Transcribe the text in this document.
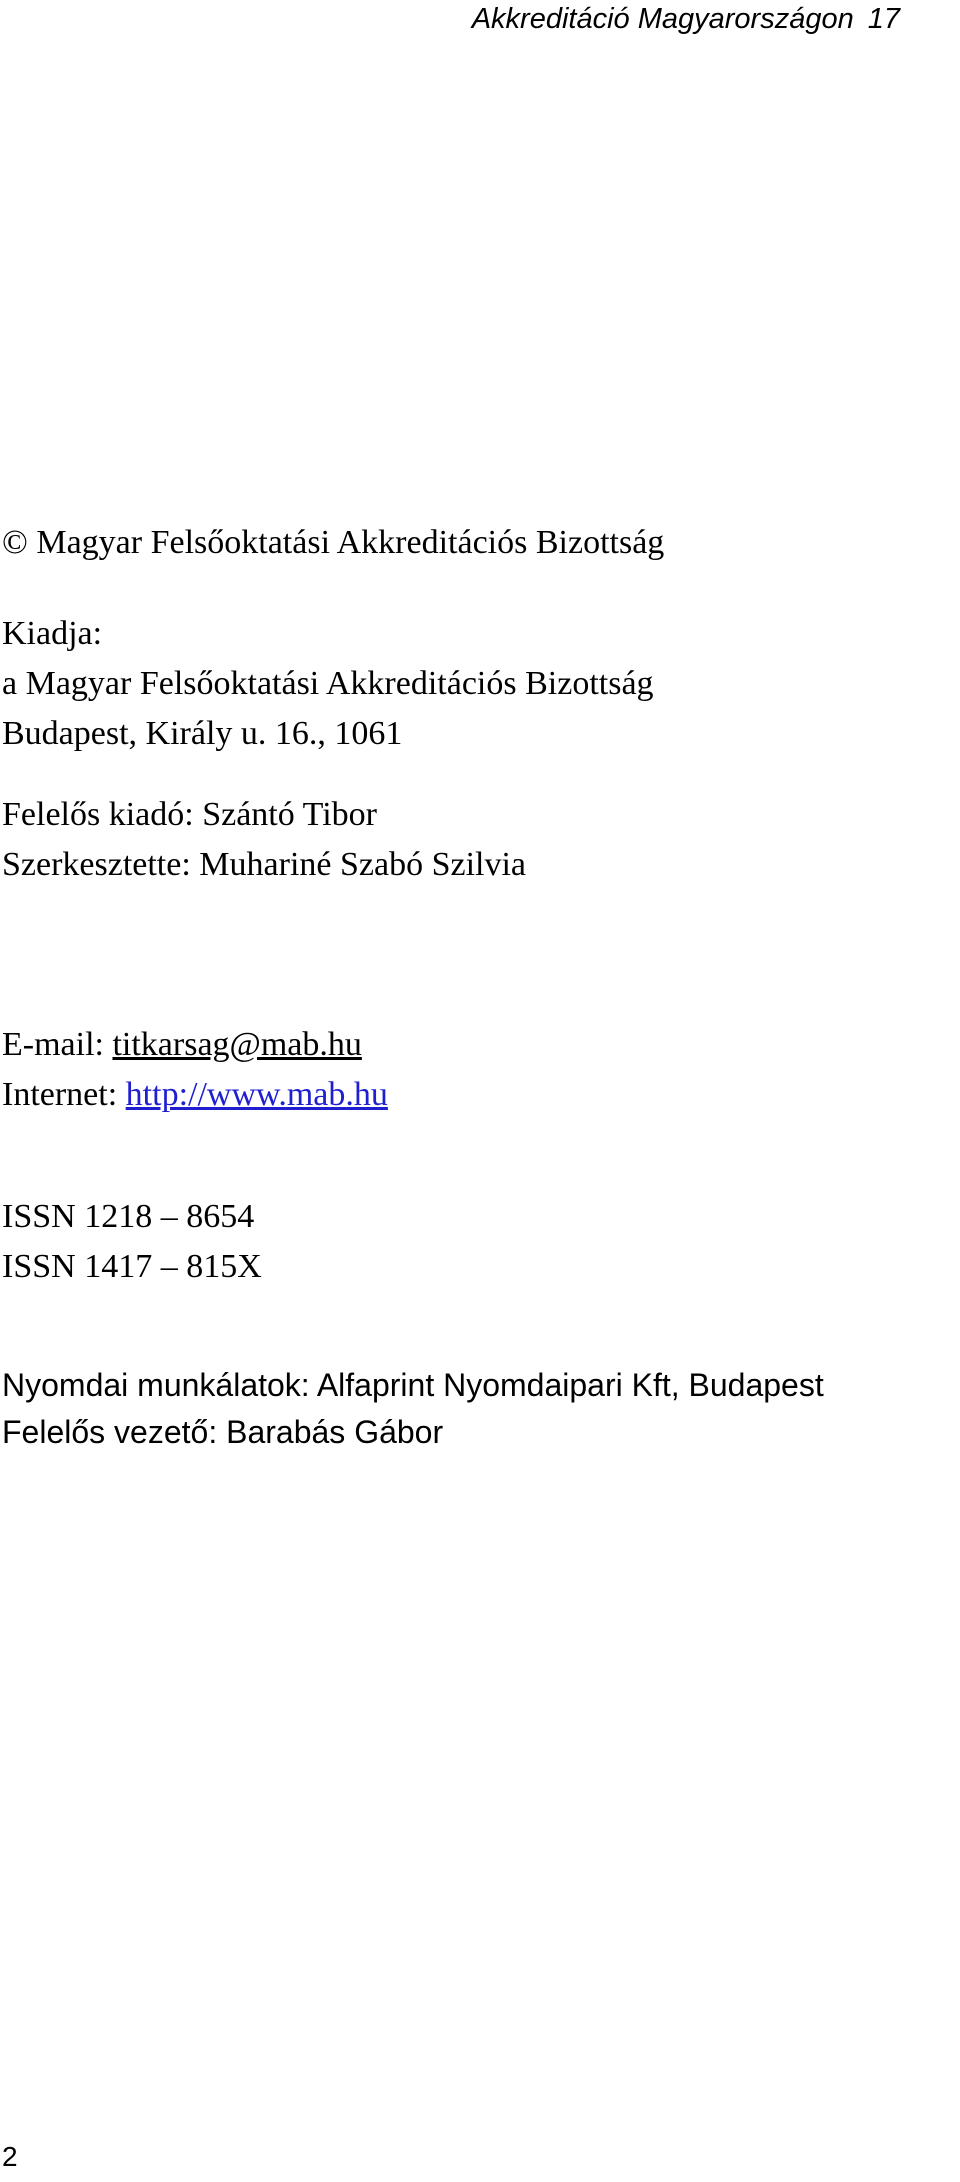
Akkreditáció Magyarországon 17
© Magyar Felsőoktatási Akkreditációs Bizottság
Kiadja:
a Magyar Felsőoktatási Akkreditációs Bizottság
Budapest, Király u. 16., 1061
Felelős kiadó: Szántó Tibor
Szerkesztette: Muhariné Szabó Szilvia
E-mail: titkarsag@mab.hu
Internet: http://www.mab.hu
ISSN 1218 – 8654
ISSN 1417 – 815X
Nyomdai munkálatok: Alfaprint Nyomdaipari Kft, Budapest
Felelős vezető: Barabás Gábor
2
